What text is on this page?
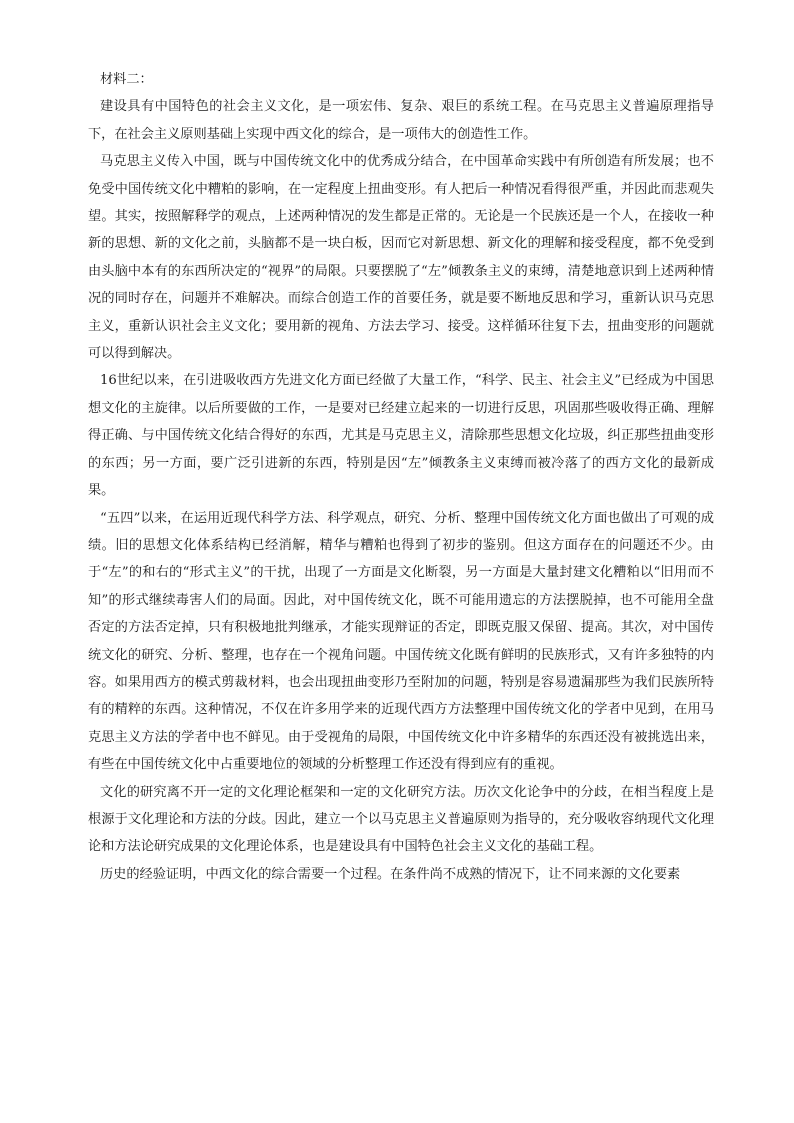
材料二：

建设具有中国特色的社会主义文化，是一项宏伟、复杂、艰巨的系统工程。在马克思主义普遍原理指导下，在社会主义原则基础上实现中西文化的综合，是一项伟大的创造性工作。

马克思主义传入中国，既与中国传统文化中的优秀成分结合，在中国革命实践中有所创造有所发展；也不免受中国传统文化中糟粕的影响，在一定程度上扭曲变形。有人把后一种情况看得很严重，并因此而悲观失望。其实，按照解释学的观点，上述两种情况的发生都是正常的。无论是一个民族还是一个人，在接收一种新的思想、新的文化之前，头脑都不是一块白板，因而它对新思想、新文化的理解和接受程度，都不免受到由头脑中本有的东西所决定的“视界”的局限。只要摆脱了“左”倾教条主义的束缚，清楚地意识到上述两种情况的同时存在，问题并不难解决。而综合创造工作的首要任务，就是要不断地反思和学习，重新认识马克思主义，重新认识社会主义文化；要用新的视角、方法去学习、接受。这样循环往复下去，扭曲变形的问题就可以得到解决。

16世纪以来，在引进吸收西方先进文化方面已经做了大量工作，“科学、民主、社会主义”已经成为中国思想文化的主旋律。以后所要做的工作，一是要对已经建立起来的一切进行反思，巩固那些吸收得正确、理解得正确、与中国传统文化结合得好的东西，尤其是马克思主义，清除那些思想文化垃圾，纠正那些扭曲变形的东西；另一方面，要广泛引进新的东西，特别是因“左”倾教条主义束缚而被冷落了的西方文化的最新成果。

“五四”以来，在运用近现代科学方法、科学观点，研究、分析、整理中国传统文化方面也做出了可观的成绩。旧的思想文化体系结构已经消解，精华与糟粕也得到了初步的鉴别。但这方面存在的问题还不少。由于“左”的和右的“形式主义”的干扰，出现了一方面是文化断裂，另一方面是大量封建文化糟粕以“旧用而不知”的形式继续毒害人们的局面。因此，对中国传统文化，既不可能用遗忘的方法摆脱掉，也不可能用全盘否定的方法否定掉，只有积极地批判继承，才能实现辩证的否定，即既克服又保留、提高。其次，对中国传统文化的研究、分析、整理，也存在一个视角问题。中国传统文化既有鲜明的民族形式，又有许多独特的内容。如果用西方的模式剪裁材料，也会出现扭曲变形乃至附加的问题，特别是容易遗漏那些为我们民族所特有的精粹的东西。这种情况，不仅在许多用学来的近现代西方方法整理中国传统文化的学者中见到，在用马克思主义方法的学者中也不鲜见。由于受视角的局限，中国传统文化中许多精华的东西还没有被挑选出来，有些在中国传统文化中占重要地位的领域的分析整理工作还没有得到应有的重视。

文化的研究离不开一定的文化理论框架和一定的文化研究方法。历次文化论争中的分歧，在相当程度上是根源于文化理论和方法的分歧。因此，建立一个以马克思主义普遍原则为指导的，充分吸收容纳现代文化理论和方法论研究成果的文化理论体系，也是建设具有中国特色社会主义文化的基础工程。

历史的经验证明，中西文化的综合需要一个过程。在条件尚不成熟的情况下，让不同来源的文化要素
